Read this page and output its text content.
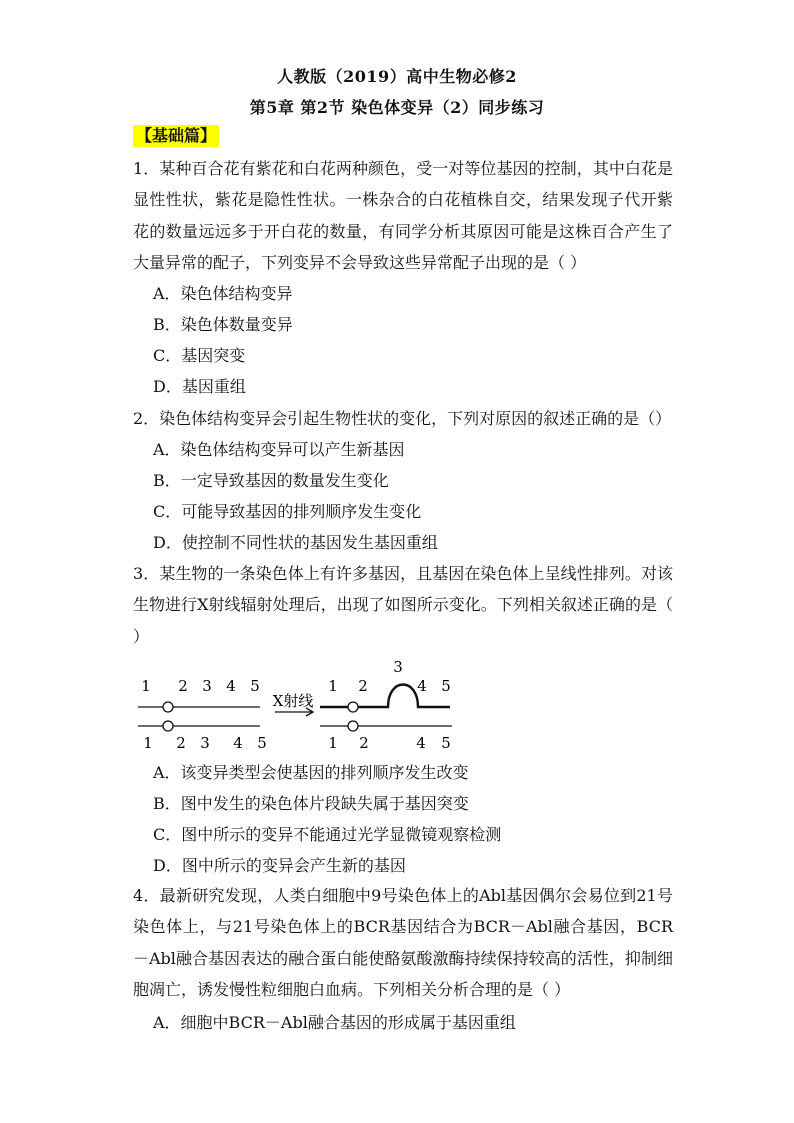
人教版（2019）高中生物必修2
第5章 第2节 染色体变异（2）同步练习
【基础篇】
1．某种百合花有紫花和白花两种颜色，受一对等位基因的控制，其中白花是显性性状，紫花是隐性性状。一株杂合的白花植株自交，结果发现子代开紫花的数量远远多于开白花的数量，有同学分析其原因可能是这株百合产生了大量异常的配子，下列变异不会导致这些异常配子出现的是（ ）
A．染色体结构变异
B．染色体数量变异
C．基因突变
D．基因重组
2．染色体结构变异会引起生物性状的变化，下列对原因的叙述正确的是（）
A．染色体结构变异可以产生新基因
B．一定导致基因的数量发生变化
C．可能导致基因的排列顺序发生变化
D．使控制不同性状的基因发生基因重组
3．某生物的一条染色体上有许多基因，且基因在染色体上呈线性排列。对该生物进行X射线辐射处理后，出现了如图所示变化。下列相关叙述正确的是（ ）
1 2 3 4 5
1 2 3 4 5
X射线
1 2
3
4 5
1 2	4 5
A．该变异类型会使基因的排列顺序发生改变
B．图中发生的染色体片段缺失属于基因突变
C．图中所示的变异不能通过光学显微镜观察检测
D．图中所示的变异会产生新的基因
4．最新研究发现，人类白细胞中9号染色体上的Abl基因偶尔会易位到21号染色体上，与21号染色体上的BCR基因结合为BCR－Abl融合基因，BCR－Abl融合基因表达的融合蛋白能使酪氨酸激酶持续保持较高的活性，抑制细胞凋亡，诱发慢性粒细胞白血病。下列相关分析合理的是（ ）
A．细胞中BCR－Abl融合基因的形成属于基因重组
